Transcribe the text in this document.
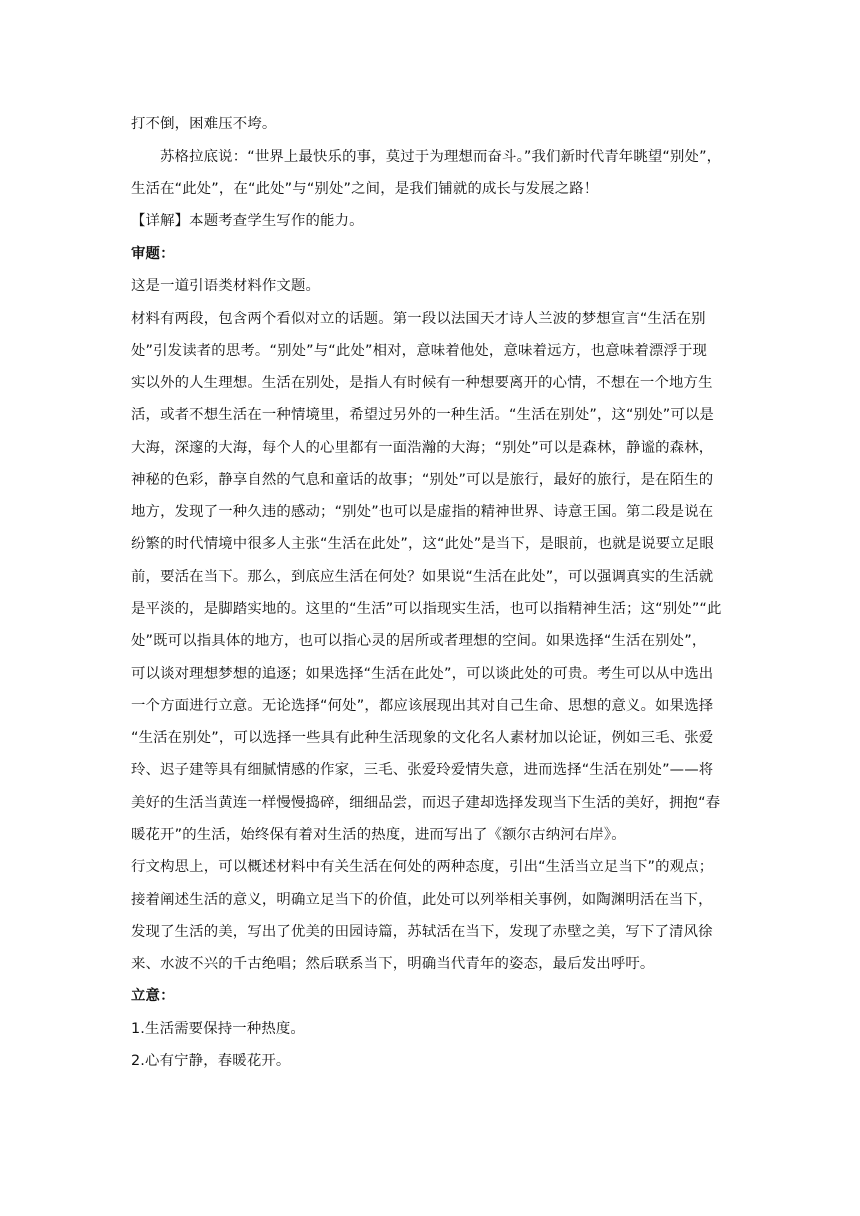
打不倒，困难压不垮。
苏格拉底说：“世界上最快乐的事，莫过于为理想而奋斗。”我们新时代青年眺望“别处”，
生活在“此处”，在“此处”与“别处”之间，是我们铺就的成长与发展之路！
【详解】本题考查学生写作的能力。
审题：
这是一道引语类材料作文题。
材料有两段，包含两个看似对立的话题。第一段以法国天才诗人兰波的梦想宣言“生活在别
处”引发读者的思考。“别处”与“此处”相对，意味着他处，意味着远方，也意味着漂浮于现
实以外的人生理想。生活在别处，是指人有时候有一种想要离开的心情，不想在一个地方生
活，或者不想生活在一种情境里，希望过另外的一种生活。“生活在别处”，这“别处”可以是
大海，深邃的大海，每个人的心里都有一面浩瀚的大海；“别处”可以是森林，静谧的森林，
神秘的色彩，静享自然的气息和童话的故事；“别处”可以是旅行，最好的旅行，是在陌生的
地方，发现了一种久违的感动；“别处”也可以是虚指的精神世界、诗意王国。第二段是说在
纷繁的时代情境中很多人主张“生活在此处”，这“此处”是当下，是眼前，也就是说要立足眼
前，要活在当下。那么，到底应生活在何处？如果说“生活在此处”，可以强调真实的生活就
是平淡的，是脚踏实地的。这里的“生活”可以指现实生活，也可以指精神生活；这“别处”“此
处”既可以指具体的地方，也可以指心灵的居所或者理想的空间。如果选择“生活在别处”，
可以谈对理想梦想的追逐；如果选择“生活在此处”，可以谈此处的可贵。考生可以从中选出
一个方面进行立意。无论选择“何处”，都应该展现出其对自己生命、思想的意义。如果选择
“生活在别处”，可以选择一些具有此种生活现象的文化名人素材加以论证，例如三毛、张爱
玲、迟子建等具有细腻情感的作家，三毛、张爱玲爱情失意，进而选择“生活在别处”——将
美好的生活当黄连一样慢慢捣碎，细细品尝，而迟子建却选择发现当下生活的美好，拥抱“春
暖花开”的生活，始终保有着对生活的热度，进而写出了《额尔古纳河右岸》。
行文构思上，可以概述材料中有关生活在何处的两种态度，引出“生活当立足当下”的观点；
接着阐述生活的意义，明确立足当下的价值，此处可以列举相关事例，如陶渊明活在当下，
发现了生活的美，写出了优美的田园诗篇，苏轼活在当下，发现了赤壁之美，写下了清风徐
来、水波不兴的千古绝唱；然后联系当下，明确当代青年的姿态，最后发出呼吁。
立意：
1.生活需要保持一种热度。
2.心有宁静，春暖花开。
